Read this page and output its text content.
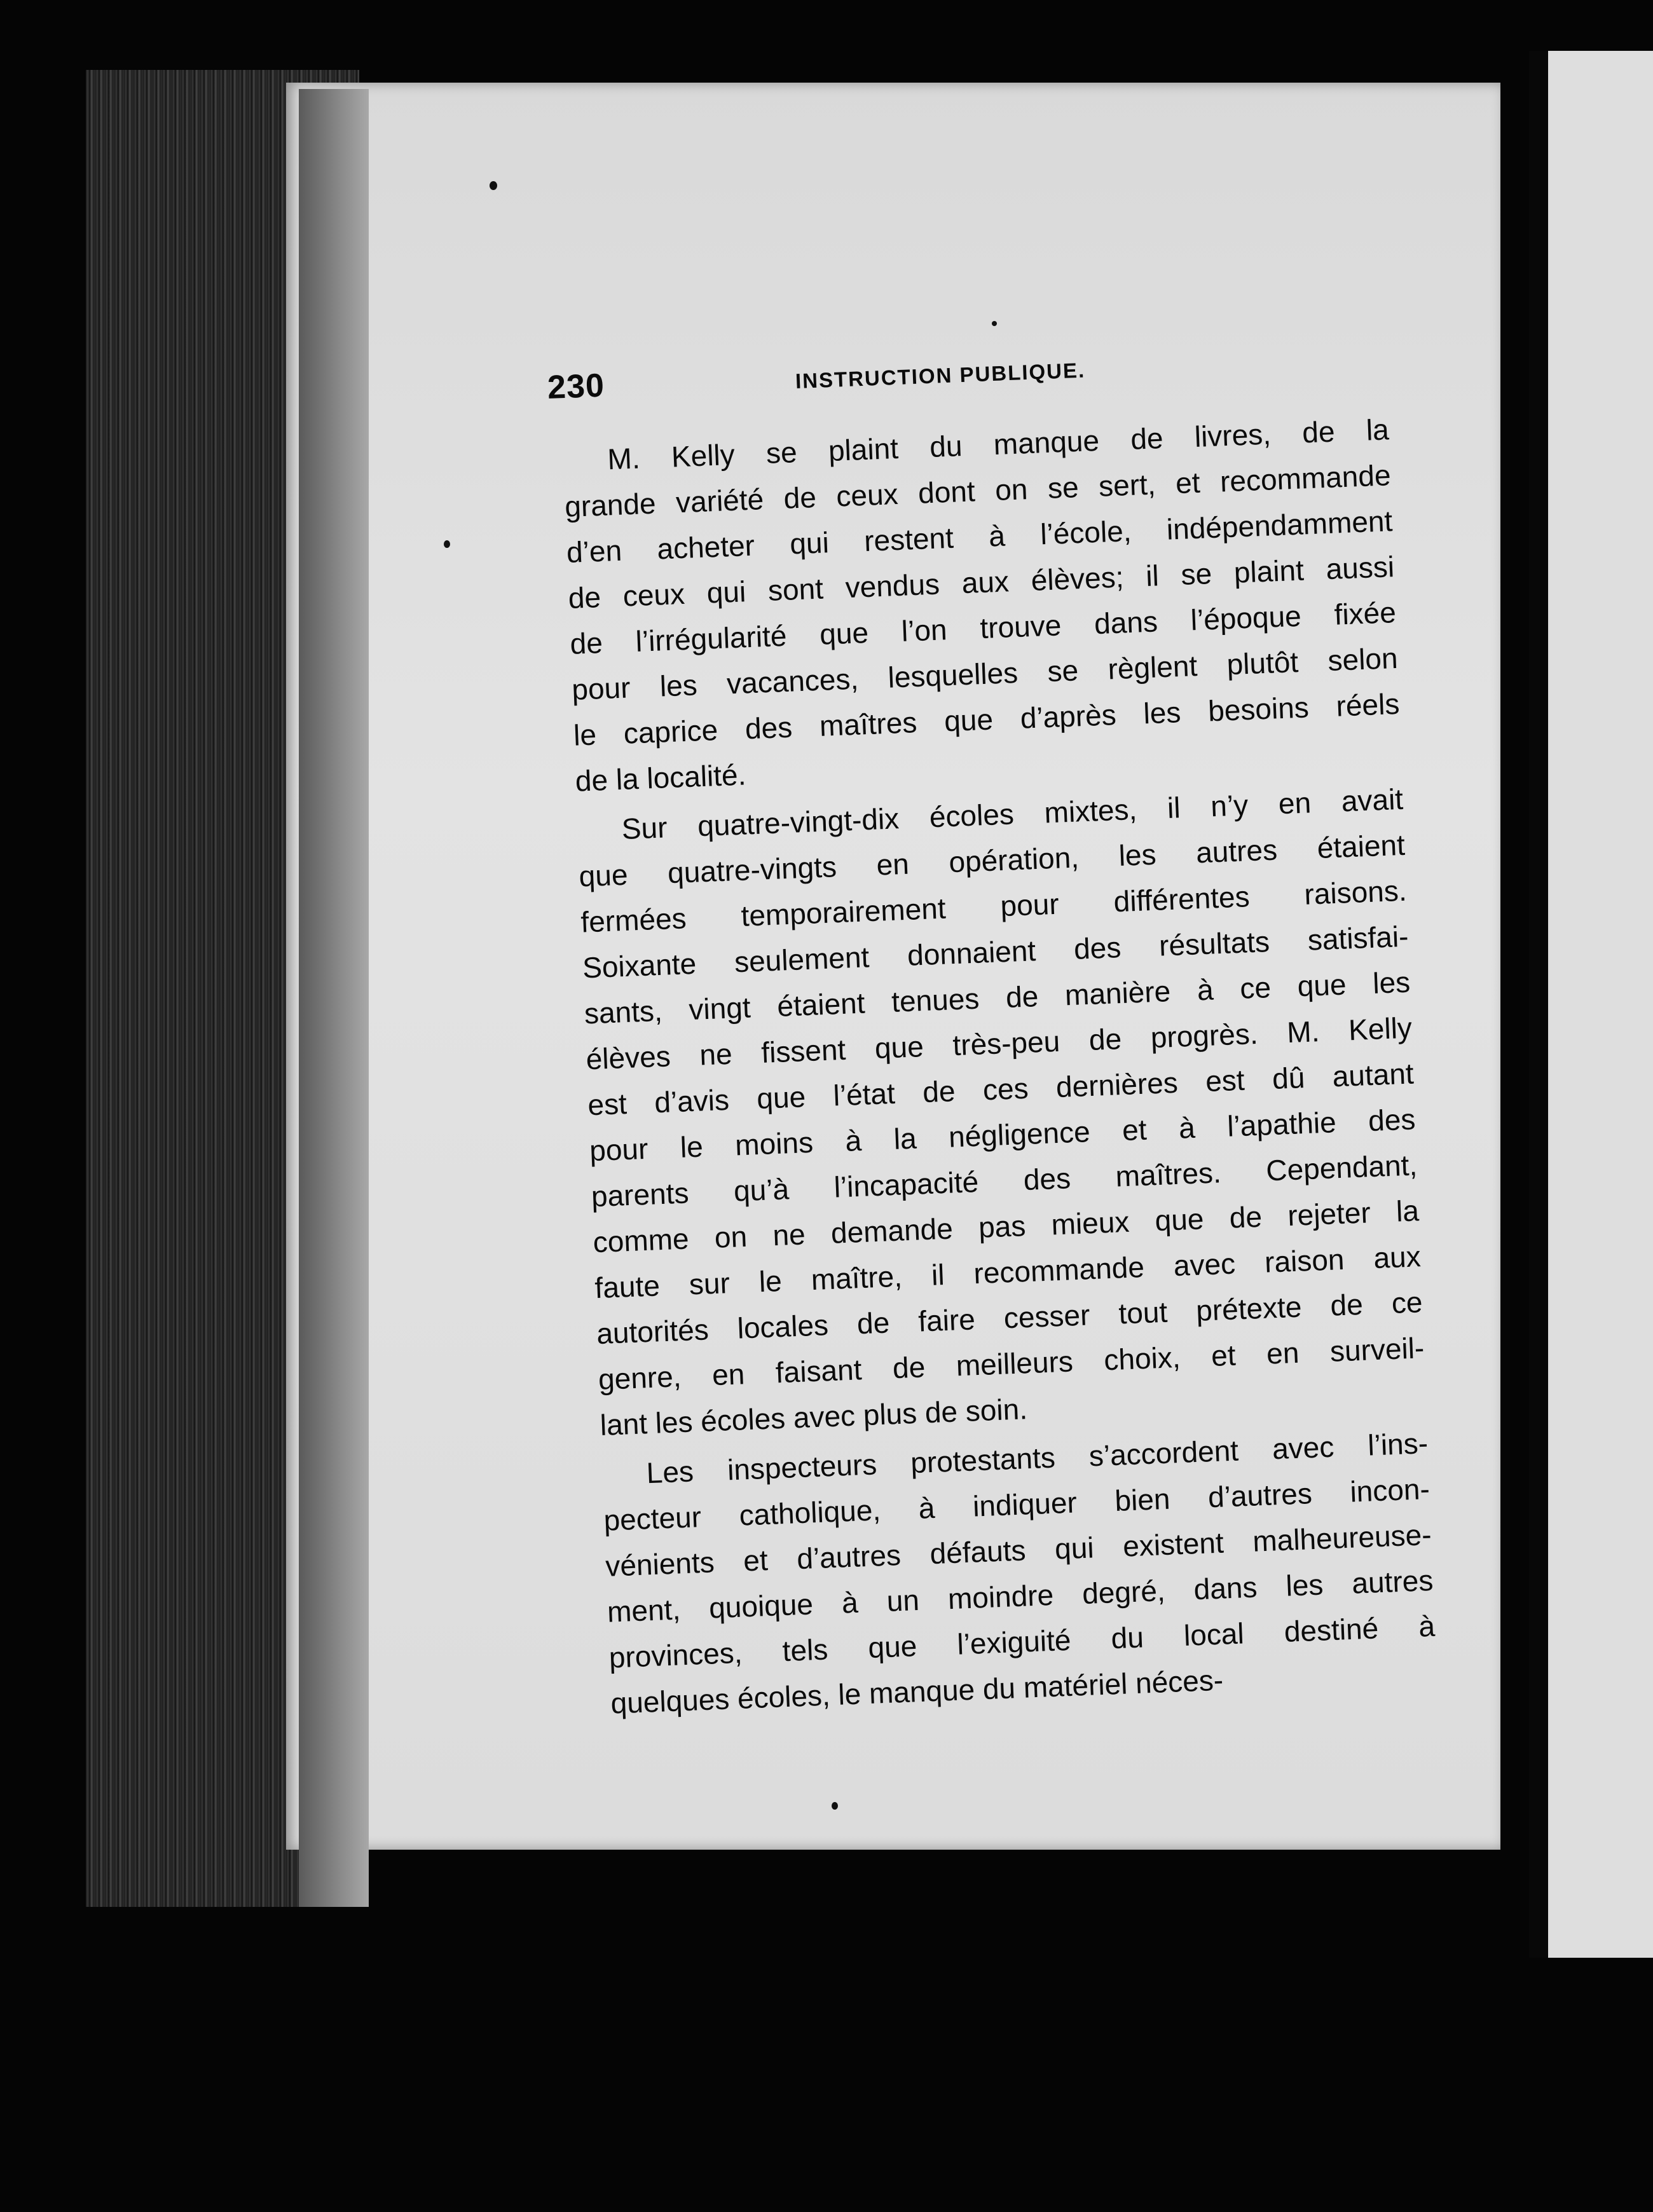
230	INSTRUCTION PUBLIQUE.
M. Kelly se plaint du manque de livres, de la
grande variété de ceux dont on se sert, et recommande
d’en acheter qui restent à l’école, indépendamment
de ceux qui sont vendus aux élèves; il se plaint aussi
de l’irrégularité que l’on trouve dans l’époque fixée
pour les vacances, lesquelles se règlent plutôt selon
le caprice des maîtres que d’après les besoins réels
de la localité.
Sur quatre-vingt-dix écoles mixtes, il n’y en avait
que quatre-vingts en opération, les autres étaient
fermées temporairement pour différentes raisons.
Soixante seulement donnaient des résultats satisfai-
sants, vingt étaient tenues de manière à ce que les
élèves ne fissent que très-peu de progrès. M. Kelly
est d’avis que l’état de ces dernières est dû autant
pour le moins à la négligence et à l’apathie des
parents qu’à l’incapacité des maîtres. Cependant,
comme on ne demande pas mieux que de rejeter la
faute sur le maître, il recommande avec raison aux
autorités locales de faire cesser tout prétexte de ce
genre, en faisant de meilleurs choix, et en surveil-
lant les écoles avec plus de soin.
Les inspecteurs protestants s’accordent avec l’ins-
pecteur catholique, à indiquer bien d’autres incon-
vénients et d’autres défauts qui existent malheureuse-
ment, quoique à un moindre degré, dans les autres
provinces, tels que l’exiguité du local destiné à
quelques écoles, le manque du matériel néces-
